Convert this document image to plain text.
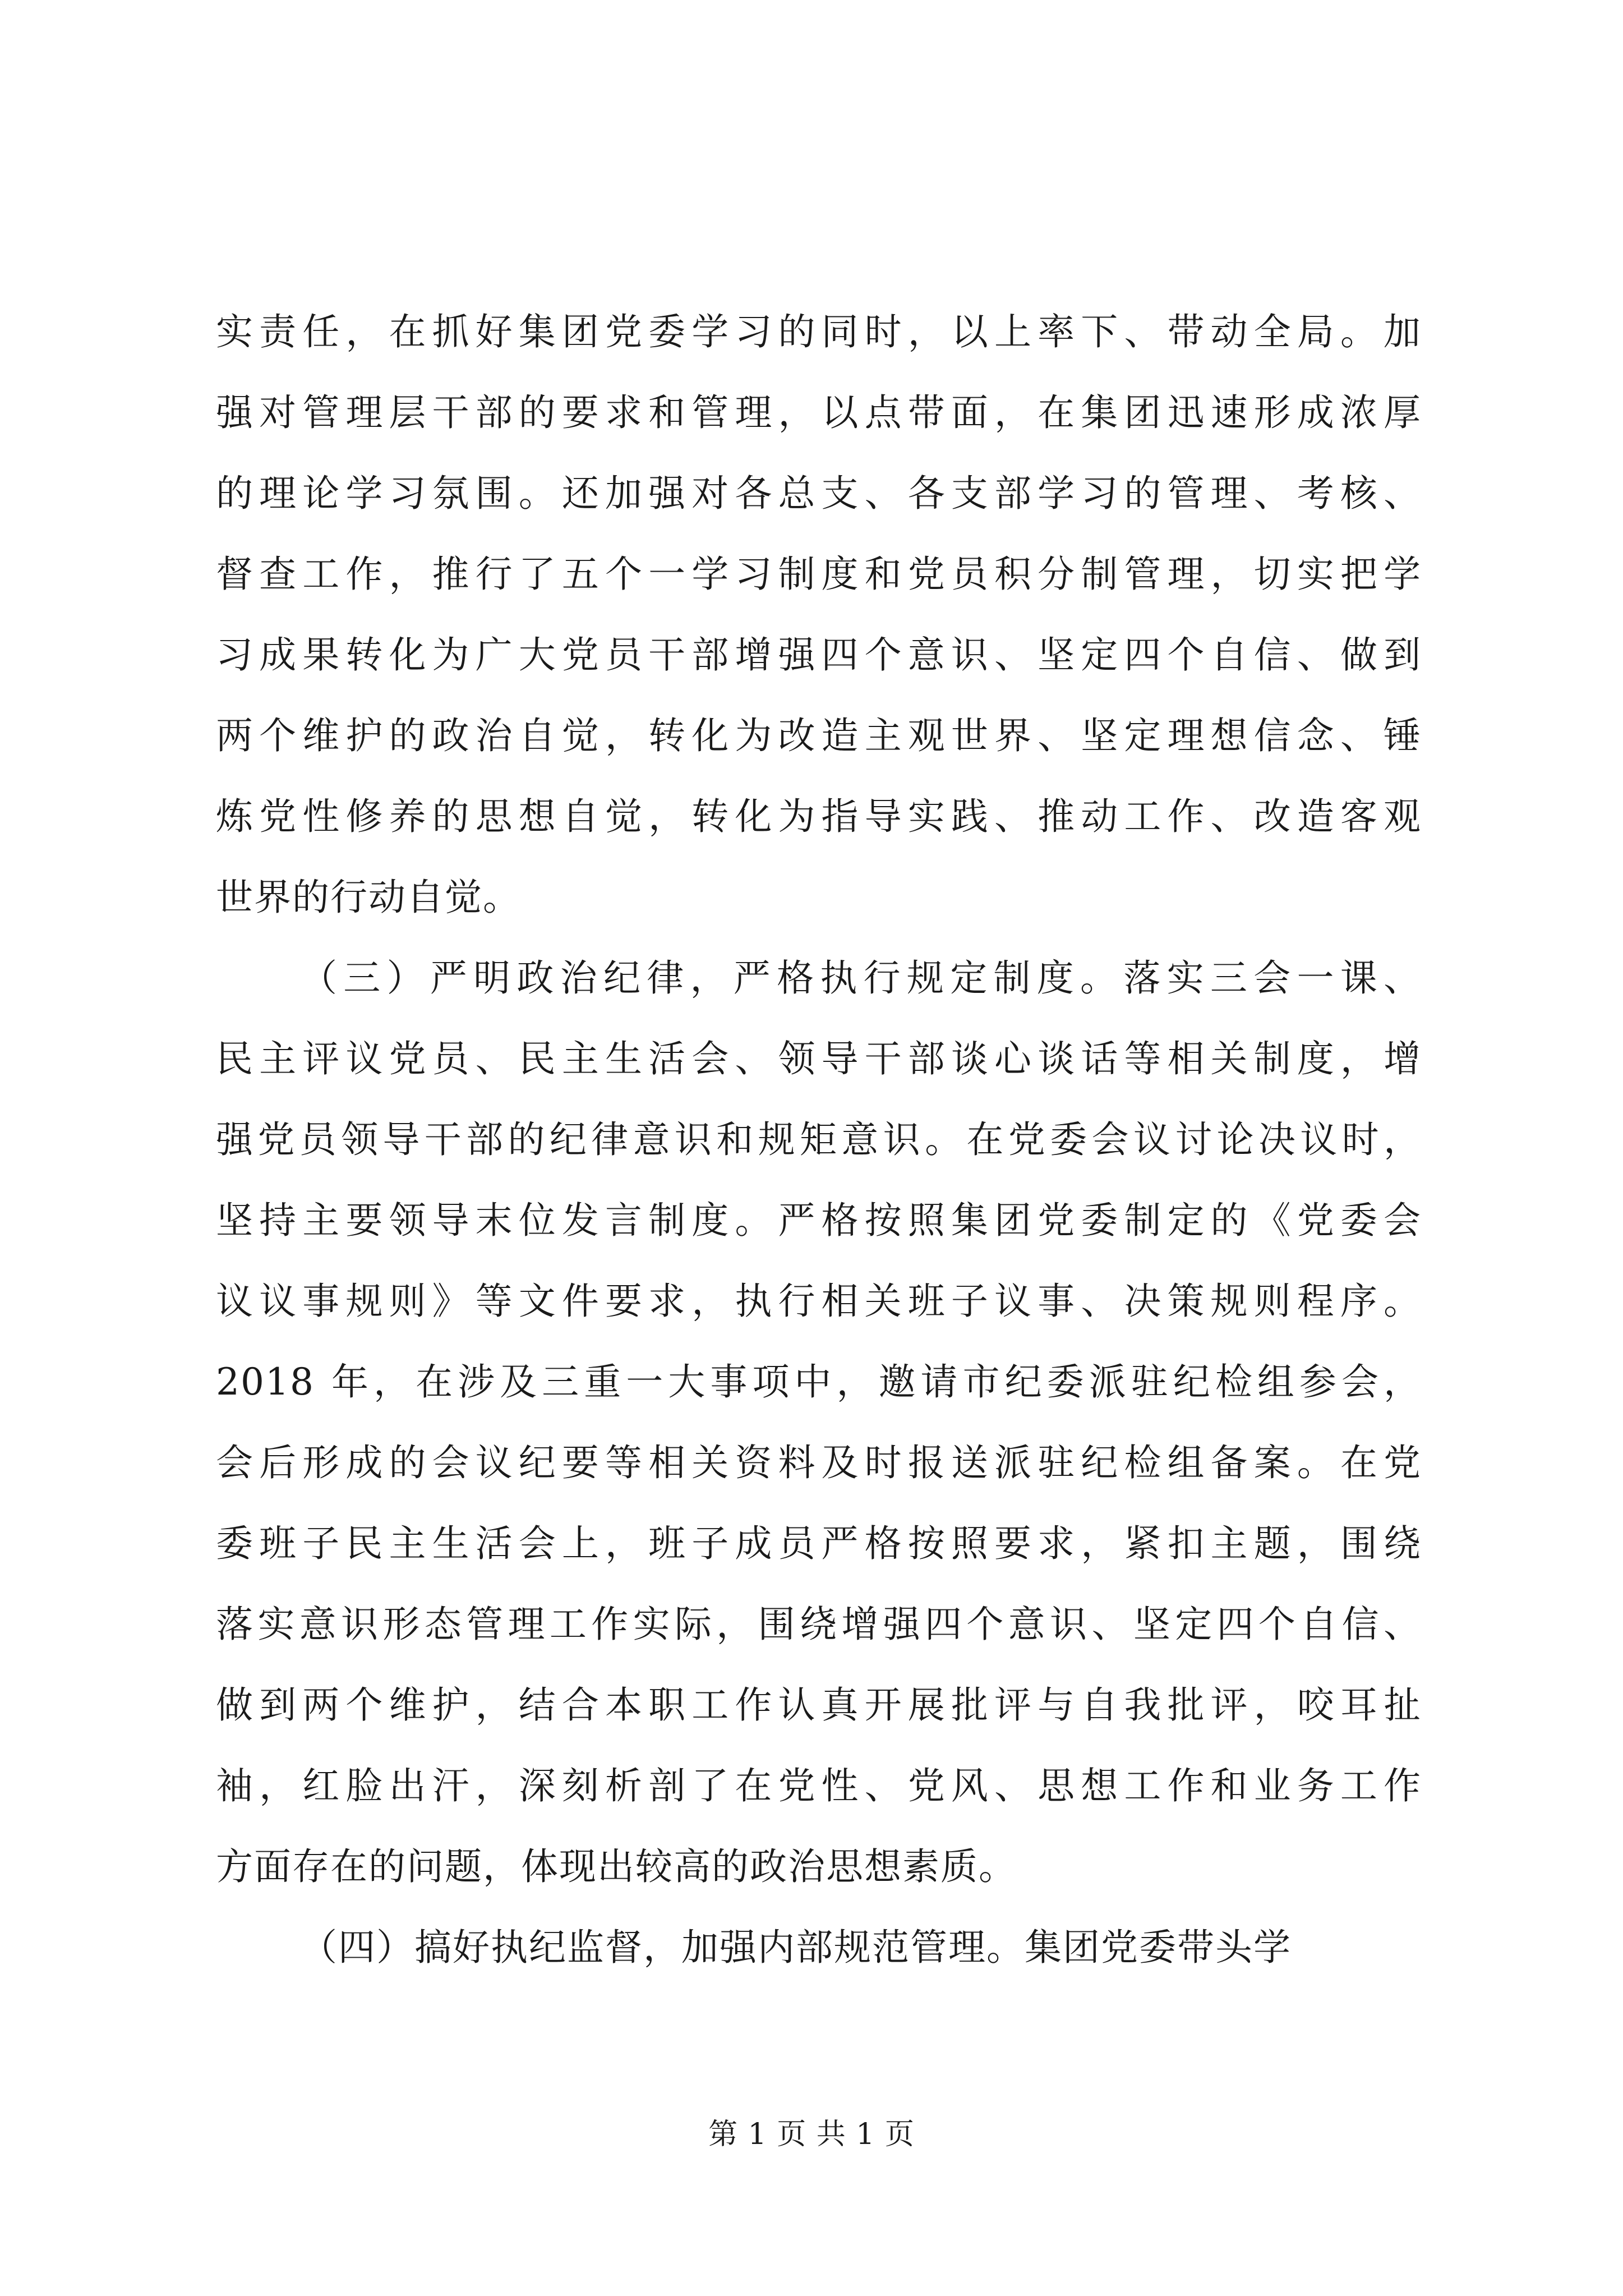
实责任，在抓好集团党委学习的同时，以上率下、带动全局。加
强对管理层干部的要求和管理，以点带面，在集团迅速形成浓厚
的理论学习氛围。还加强对各总支、各支部学习的管理、考核、
督查工作，推行了五个一学习制度和党员积分制管理，切实把学
习成果转化为广大党员干部增强四个意识、坚定四个自信、做到
两个维护的政治自觉，转化为改造主观世界、坚定理想信念、锤
炼党性修养的思想自觉，转化为指导实践、推动工作、改造客观
世界的行动自觉。
（三）严明政治纪律，严格执行规定制度。落实三会一课、
民主评议党员、民主生活会、领导干部谈心谈话等相关制度，增
强党员领导干部的纪律意识和规矩意识。在党委会议讨论决议时，
坚持主要领导末位发言制度。严格按照集团党委制定的《党委会
议议事规则》等文件要求，执行相关班子议事、决策规则程序。
2018 年，在涉及三重一大事项中，邀请市纪委派驻纪检组参会，
会后形成的会议纪要等相关资料及时报送派驻纪检组备案。在党
委班子民主生活会上，班子成员严格按照要求，紧扣主题，围绕
落实意识形态管理工作实际，围绕增强四个意识、坚定四个自信、
做到两个维护，结合本职工作认真开展批评与自我批评，咬耳扯
袖，红脸出汗，深刻析剖了在党性、党风、思想工作和业务工作
方面存在的问题，体现出较高的政治思想素质。
（四）搞好执纪监督，加强内部规范管理。集团党委带头学
第 1 页 共 1 页
